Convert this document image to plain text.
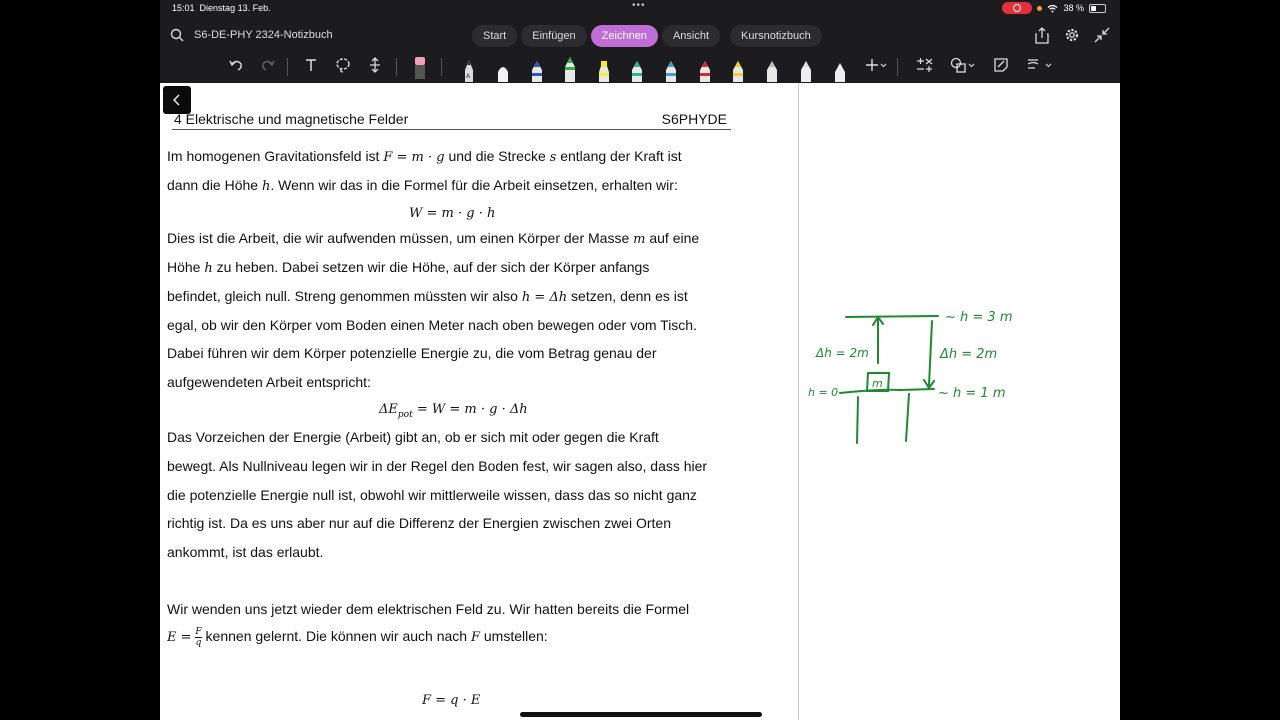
15:01 Dienstag 13. Feb.	•••	38 %
S6-DE-PHY 2324-Notizbuch	Start	Einfügen	Zeichnen	Ansicht	Kursnotizbuch
A
4 Elektrische und magnetische Felder	S6PHYDE
Im homogenen Gravitationsfeld ist F = m · g und die Strecke s entlang der Kraft ist
dann die Höhe h. Wenn wir das in die Formel für die Arbeit einsetzen, erhalten wir:
W = m · g · h
Dies ist die Arbeit, die wir aufwenden müssen, um einen Körper der Masse m auf eine
Höhe h zu heben. Dabei setzen wir die Höhe, auf der sich der Körper anfangs
befindet, gleich null. Streng genommen müssten wir also h = Δh setzen, denn es ist
egal, ob wir den Körper vom Boden einen Meter nach oben bewegen oder vom Tisch.
Dabei führen wir dem Körper potenzielle Energie zu, die vom Betrag genau der
aufgewendeten Arbeit entspricht:
$\Delta E_{pot} = W = m \cdot g \cdot \Delta h$
Das Vorzeichen der Energie (Arbeit) gibt an, ob er sich mit oder gegen die Kraft
bewegt. Als Nullniveau legen wir in der Regel den Boden fest, wir sagen also, dass hier
die potenzielle Energie null ist, obwohl wir mittlerweile wissen, dass das so nicht ganz
richtig ist. Da es uns aber nur auf die Differenz der Energien zwischen zwei Orten
ankommt, ist das erlaubt.
Wir wenden uns jetzt wieder dem elektrischen Feld zu. Wir hatten bereits die Formel
$E = \frac{F}{q}$ kennen gelernt. Die können wir auch nach F umstellen:
F = q · E
~ h = 3 m
Δh = 2m	Δh = 2m
h = 0	~ h = 1 m
m
